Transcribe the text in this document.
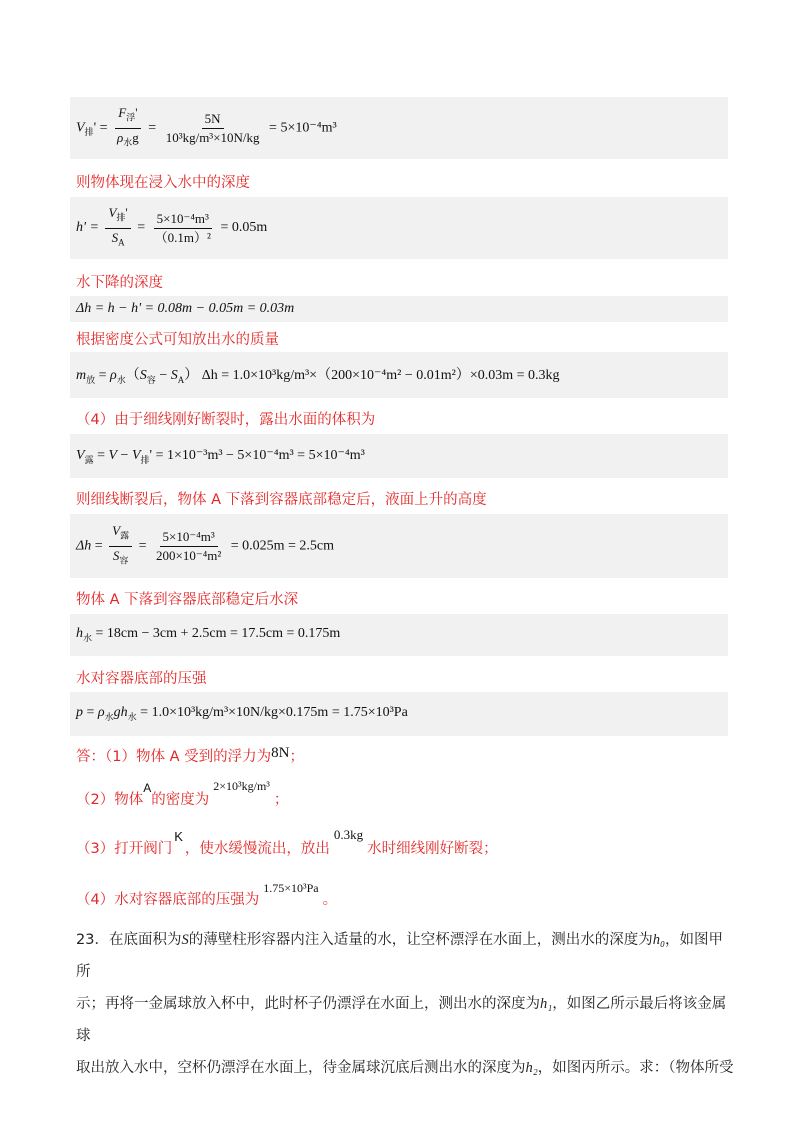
$V_排' = \frac{F_浮'}{\rho_水g} = \frac{5N}{\text{10³kg/m³×10N/kg}} = 5\times 10^{-4}m^3$
则物体现在浸入水中的深度
$h' = \frac{V_排'}{S_A} = \frac{\text{5×10⁻⁴m³}}{\text{（0.1m）²}} = 0.05m$
水下降的深度
Δh = h − h' = 0.08m − 0.05m = 0.03m
根据密度公式可知放出水的质量
$m_放 = \rho_水(S_容 - S_A) \Delta h = 1.0\times 10^3kg/m^3\times(200\times 10^{-4}m^2 - 0.01m^2)\times 0.03m = 0.3kg$
（4）由于细线刚好断裂时，露出水面的体积为
$V_露 = V - V_排' = 1\times 10^{-3}m^3 - 5\times 10^{-4}m^3 = 5\times 10^{-4}m^3$
则细线断裂后，物体 A 下落到容器底部稳定后，液面上升的高度
$\Delta h = \frac{V_露}{S_容} = \frac{\text{5×10⁻⁴m³}}{\text{200×10⁻⁴m²}} = 0.025m = 2.5cm$
物体 A 下落到容器底部稳定后水深
$h_水 = 18cm - 3cm + 2.5cm = 17.5cm = 0.175m$
水对容器底部的压强
$p = \rho_水gh_水 = 1.0\times 10^3kg/m^3\times 10N/kg\times 0.175m = 1.75\times 10^3Pa$
答：（1）物体 A 受到的浮力为8N；
（2）物体$^A$的密度为$^{2\times 10^3kg/m^3}$；
（3）打开阀门K，使水缓慢流出，放出0.3kg水时细线刚好断裂；
（4）水对容器底部的压强为$^{1.75\times 10^3Pa}$。
23．在底面积为S的薄壁柱形容器内注入适量的水，让空杯漂浮在水面上，测出水的深度为h₀，如图甲所
示；再将一金属球放入杯中，此时杯子仍漂浮在水面上，测出水的深度为h₁，如图乙所示最后将该金属球
取出放入水中，空杯仍漂浮在水面上，待金属球沉底后测出水的深度为h₂，如图丙所示。求：（物体所受
